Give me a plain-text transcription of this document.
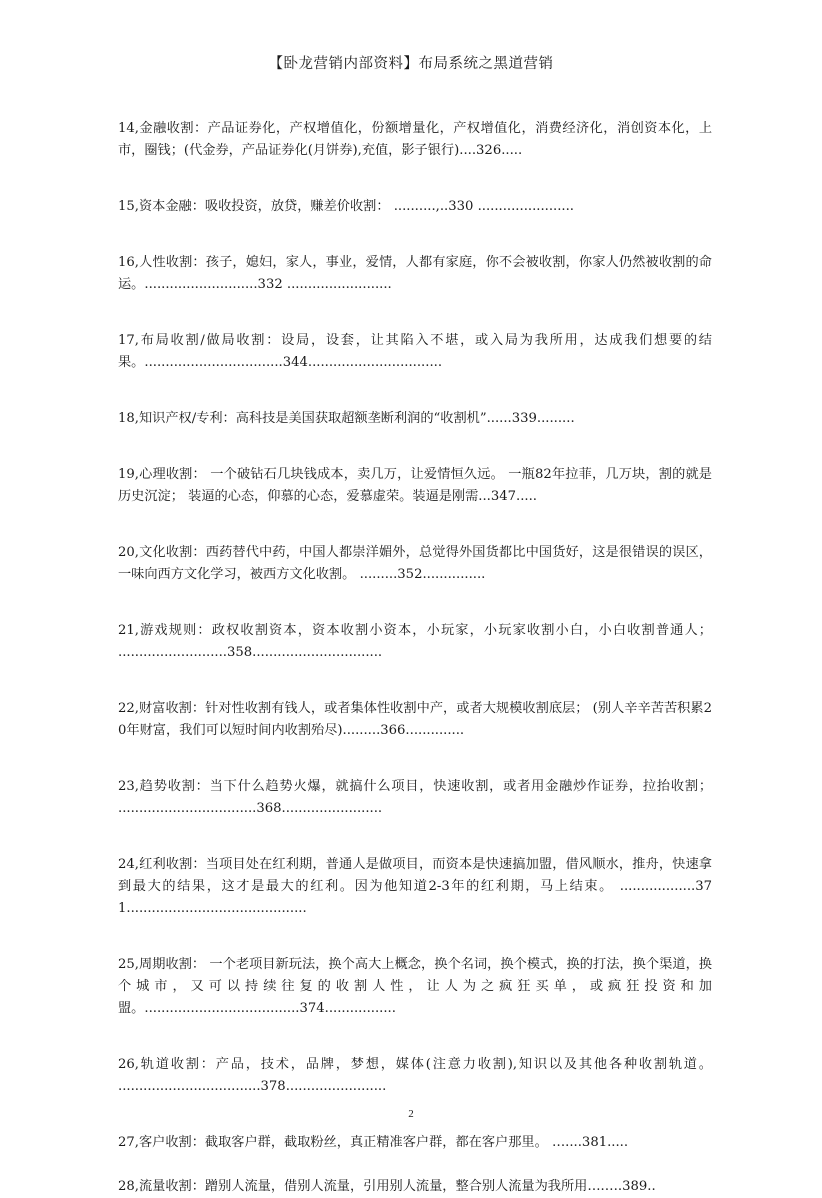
【卧龙营销内部资料】布局系统之黑道营销

14,金融收割：产品证券化，产权增值化，份额增量化，产权增值化，消费经济化，消创资本化，上市，圈钱；(代金券，产品证券化(月饼券),充值，影子银行)....326.....

15,资本金融：吸收投资，放贷，赚差价收割： ..........,..330 .......................

16,人性收割：孩子，媳妇，家人，事业，爱情，人都有家庭，你不会被收割，你家人仍然被收割的命运。...........................332 .........................

17,布局收割/做局收割：设局，设套，让其陷入不堪，或入局为我所用，达成我们想要的结果。.................................344................................

18,知识产权/专利：高科技是美国获取超额垄断利润的“收割机”......339.........

19,心理收割： 一个破钻石几块钱成本，卖几万，让爱情恒久远。 一瓶82年拉菲，几万块，割的就是历史沉淀； 装逼的心态，仰慕的心态，爱慕虚荣。装逼是刚需...347.....

20,文化收割：西药替代中药，中国人都崇洋媚外，总觉得外国货都比中国货好，这是很错误的误区，一味向西方文化学习，被西方文化收割。 .........352...............

21,游戏规则：政权收割资本，资本收割小资本，小玩家，小玩家收割小白，小白收割普通人； ..........................358...............................

22,财富收割：针对性收割有钱人，或者集体性收割中产，或者大规模收割底层； (别人辛辛苦苦积累20年财富，我们可以短时间内收割殆尽).........366..............

23,趋势收割：当下什么趋势火爆，就搞什么项目，快速收割，或者用金融炒作证券，拉抬收割； .................................368........................

24,红利收割：当项目处在红利期，普通人是做项目，而资本是快速搞加盟，借风顺水，推舟，快速拿到最大的结果，这才是最大的红利。因为他知道2-3年的红利期，马上结束。 ..................371...........................................

25,周期收割： 一个老项目新玩法，换个高大上概念，换个名词，换个模式，换的打法，换个渠道，换个城市，又可以持续往复的收割人性，让人为之疯狂买单，或疯狂投资和加盟。.....................................374.................

26,轨道收割：产品，技术，品牌，梦想，媒体(注意力收割),知识以及其他各种收割轨道。 ..................................378........................

27,客户收割：截取客户群，截取粉丝，真正精准客户群，都在客户那里。 …....381.....

28,流量收割：蹭别人流量，借别人流量，引用别人流量，整合别人流量为我所用….….389..

2
